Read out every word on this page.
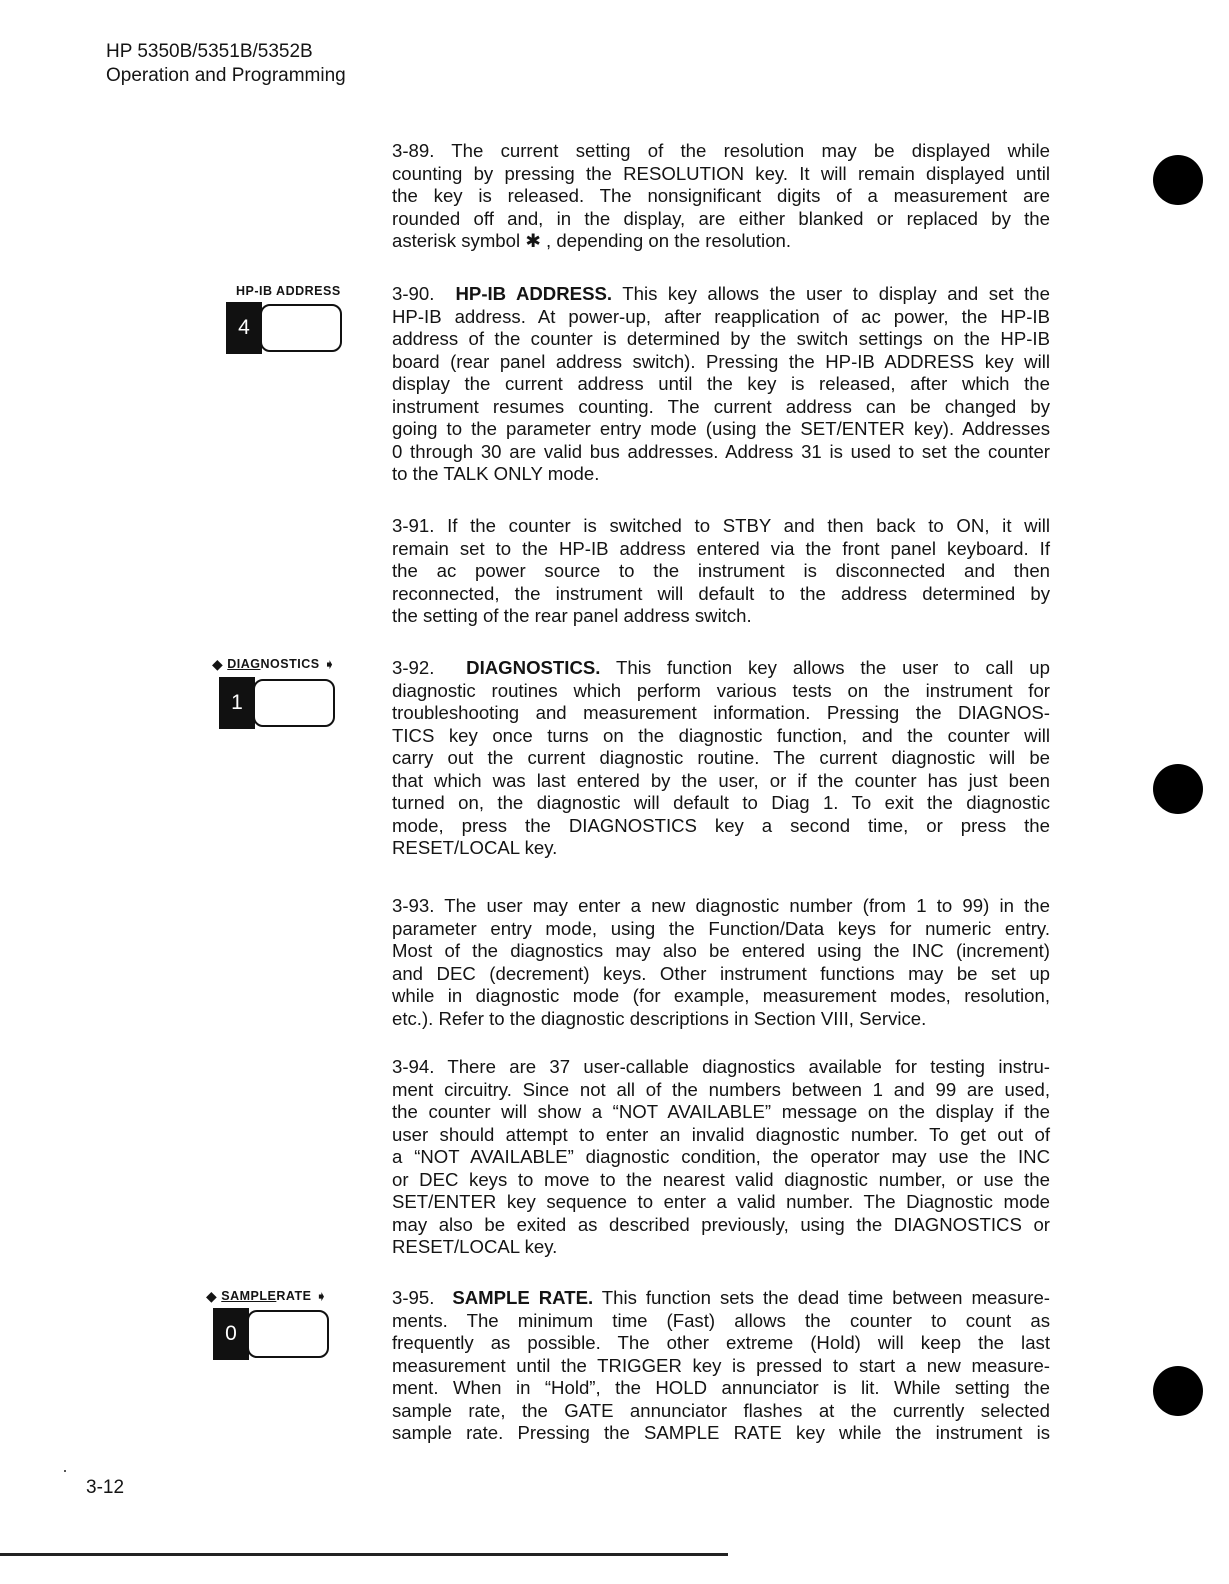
HP 5350B/5351B/5352B
Operation and Programming
3-89. The current setting of the resolution may be displayed while
counting by pressing the RESOLUTION key. It will remain displayed until
the key is released. The nonsignificant digits of a measurement are
rounded off and, in the display, are either blanked or replaced by the
asterisk symbol ✱ , depending on the resolution.
HP-IB ADDRESS
4
3-90. HP-IB ADDRESS. This key allows the user to display and set the
HP-IB address. At power-up, after reapplication of ac power, the HP-IB
address of the counter is determined by the switch settings on the HP-IB
board (rear panel address switch). Pressing the HP-IB ADDRESS key will
display the current address until the key is released, after which the
instrument resumes counting. The current address can be changed by
going to the parameter entry mode (using the SET/ENTER key). Addresses
0 through 30 are valid bus addresses. Address 31 is used to set the counter
to the TALK ONLY mode.
3-91. If the counter is switched to STBY and then back to ON, it will
remain set to the HP-IB address entered via the front panel keyboard. If
the ac power source to the instrument is disconnected and then
reconnected, the instrument will default to the address determined by
the setting of the rear panel address switch.
◆
DIAG NOSTICS
➧
1
3-92. DIAGNOSTICS. This function key allows the user to call up
diagnostic routines which perform various tests on the instrument for
troubleshooting and measurement information. Pressing the DIAGNOS-
TICS key once turns on the diagnostic function, and the counter will
carry out the current diagnostic routine. The current diagnostic will be
that which was last entered by the user, or if the counter has just been
turned on, the diagnostic will default to Diag 1. To exit the diagnostic
mode, press the DIAGNOSTICS key a second time, or press the
RESET/LOCAL key.
3-93. The user may enter a new diagnostic number (from 1 to 99) in the
parameter entry mode, using the Function/Data keys for numeric entry.
Most of the diagnostics may also be entered using the INC (increment)
and DEC (decrement) keys. Other instrument functions may be set up
while in diagnostic mode (for example, measurement modes, resolution,
etc.). Refer to the diagnostic descriptions in Section VIII, Service.
3-94. There are 37 user-callable diagnostics available for testing instru-
ment circuitry. Since not all of the numbers between 1 and 99 are used,
the counter will show a “NOT AVAILABLE” message on the display if the
user should attempt to enter an invalid diagnostic number. To get out of
a “NOT AVAILABLE” diagnostic condition, the operator may use the INC
or DEC keys to move to the nearest valid diagnostic number, or use the
SET/ENTER key sequence to enter a valid number. The Diagnostic mode
may also be exited as described previously, using the DIAGNOSTICS or
RESET/LOCAL key.
◆
SAMPLE RATE
➧
0
3-95. SAMPLE RATE. This function sets the dead time between measure-
ments. The minimum time (Fast) allows the counter to count as
frequently as possible. The other extreme (Hold) will keep the last
measurement until the TRIGGER key is pressed to start a new measure-
ment. When in “Hold”, the HOLD annunciator is lit. While setting the
sample rate, the GATE annunciator flashes at the currently selected
sample rate. Pressing the SAMPLE RATE key while the instrument is
3-12
